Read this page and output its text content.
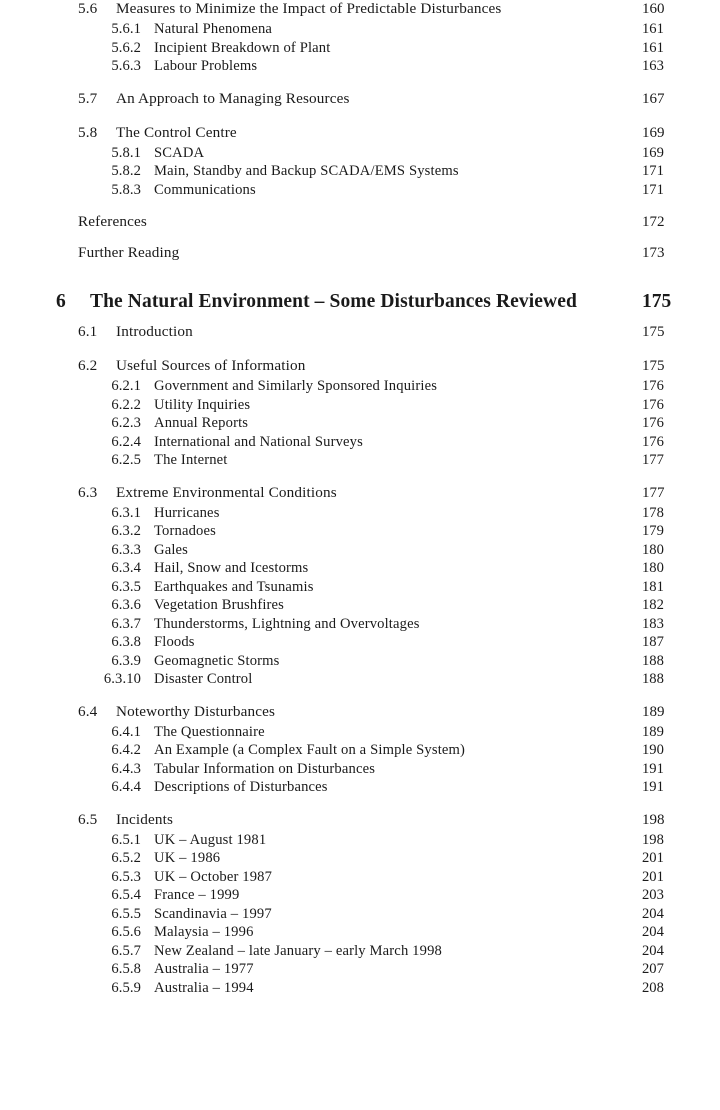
5.6	Measures to Minimize the Impact of Predictable Disturbances	160
5.6.1 Natural Phenomena	161
5.6.2 Incipient Breakdown of Plant	161
5.6.3 Labour Problems	163
5.7	An Approach to Managing Resources	167
5.8	The Control Centre	169
5.8.1 SCADA	169
5.8.2 Main, Standby and Backup SCADA/EMS Systems	171
5.8.3 Communications	171
References	172
Further Reading	173
6	The Natural Environment – Some Disturbances Reviewed	175
6.1	Introduction	175
6.2	Useful Sources of Information	175
6.2.1 Government and Similarly Sponsored Inquiries	176
6.2.2 Utility Inquiries	176
6.2.3 Annual Reports	176
6.2.4 International and National Surveys	176
6.2.5 The Internet	177
6.3	Extreme Environmental Conditions	177
6.3.1 Hurricanes	178
6.3.2 Tornadoes	179
6.3.3 Gales	180
6.3.4 Hail, Snow and Icestorms	180
6.3.5 Earthquakes and Tsunamis	181
6.3.6 Vegetation Brushfires	182
6.3.7 Thunderstorms, Lightning and Overvoltages	183
6.3.8 Floods	187
6.3.9 Geomagnetic Storms	188
6.3.10 Disaster Control	188
6.4	Noteworthy Disturbances	189
6.4.1 The Questionnaire	189
6.4.2 An Example (a Complex Fault on a Simple System)	190
6.4.3 Tabular Information on Disturbances	191
6.4.4 Descriptions of Disturbances	191
6.5	Incidents	198
6.5.1 UK – August 1981	198
6.5.2 UK – 1986	201
6.5.3 UK – October 1987	201
6.5.4 France – 1999	203
6.5.5 Scandinavia – 1997	204
6.5.6 Malaysia – 1996	204
6.5.7 New Zealand – late January – early March 1998	204
6.5.8 Australia – 1977	207
6.5.9 Australia – 1994	208
